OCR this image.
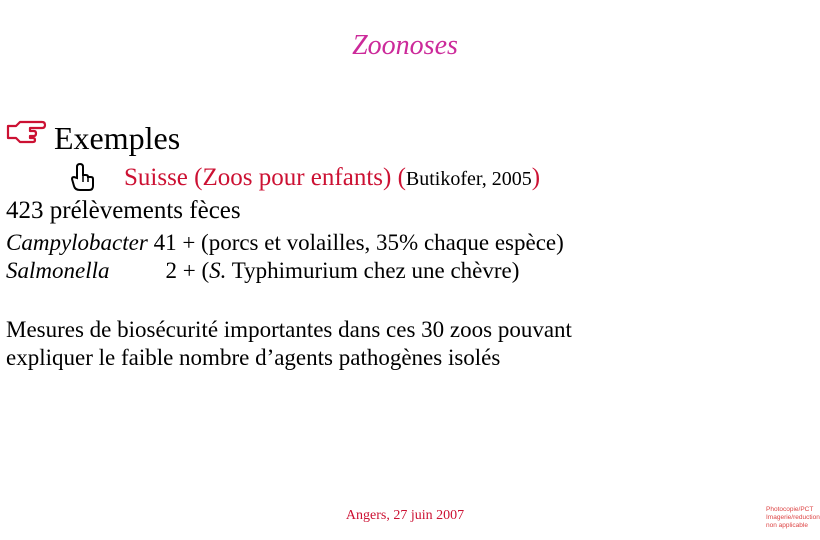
Zoonoses
Exemples
Suisse (Zoos pour enfants) (Butikofer, 2005)
423 prélèvements fèces
Campylobacter 41 + (porcs et volailles, 35% chaque espèce)
Salmonella 2 + (S. Typhimurium chez une chèvre)
Mesures de biosécurité importantes dans ces 30 zoos pouvant
expliquer le faible nombre d’agents pathogènes isolés
Angers, 27 juin 2007	Photocopie/PCT
Imagerie/reduction
non applicable
